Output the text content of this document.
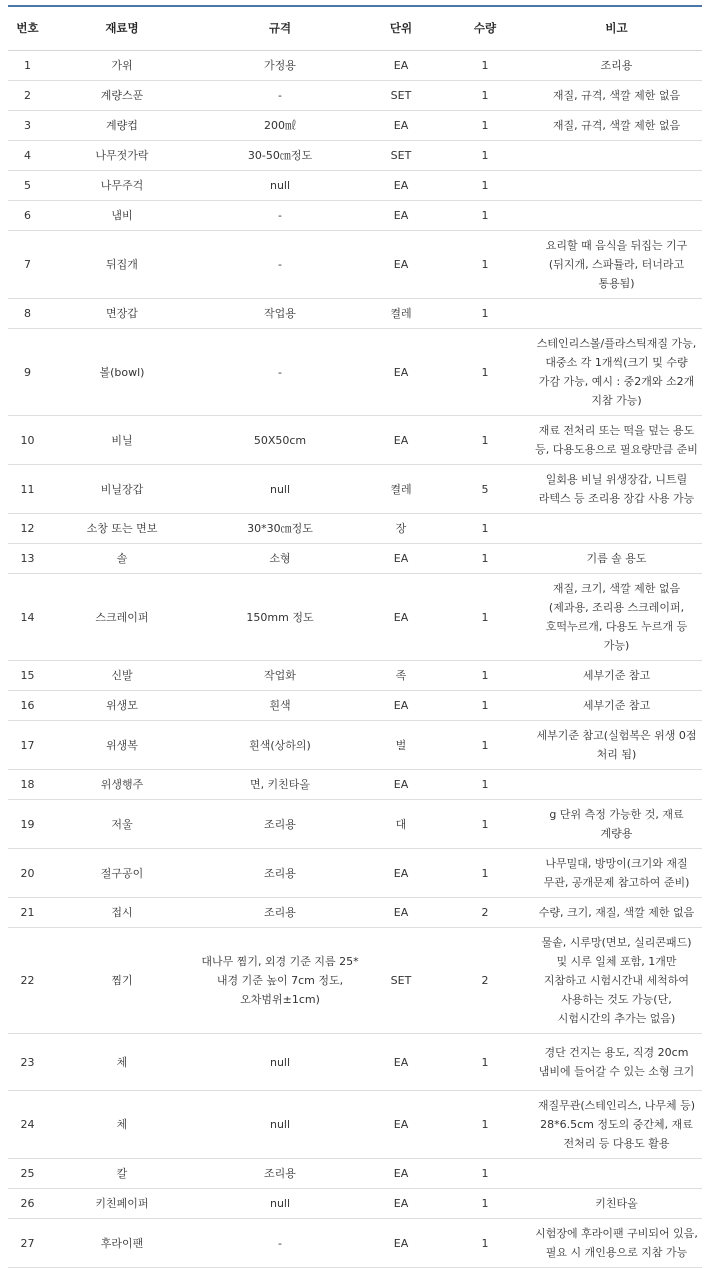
번호	재료명	규격	단위	수량	비고
1	가위	가정용	EA	1	조리용
2	계량스푼	-	SET	1	재질, 규격, 색깔 제한 없음
3	계량컵	200㎖	EA	1	재질, 규격, 색깔 제한 없음
4	나무젓가락	30-50㎝정도	SET	1	
5	나무주걱	null	EA	1	
6	냄비	-	EA	1	
7	뒤집개	-	EA	1	요리할 때 음식을 뒤집는 기구(뒤지개, 스파튤라, 터너라고 통용됨)
8	면장갑	작업용	켤레	1	
9	볼(bowl)	-	EA	1	스테인리스볼/플라스틱재질 가능, 대중소 각 1개씩(크기 및 수량 가감 가능, 예시 : 중2개와 소2개 지참 가능)
10	비닐	50X50cm	EA	1	재료 전처리 또는 떡을 덮는 용도 등, 다용도용으로 필요량만큼 준비
11	비닐장갑	null	켤레	5	일회용 비닐 위생장갑, 니트릴 라텍스 등 조리용 장갑 사용 가능
12	소창 또는 면보	30*30㎝정도	장	1	
13	솔	소형	EA	1	기름 솔 용도
14	스크레이퍼	150mm 정도	EA	1	재질, 크기, 색깔 제한 없음(제과용, 조리용 스크레이퍼, 호떡누르개, 다용도 누르개 등 가능)
15	신발	작업화	족	1	세부기준 참고
16	위생모	흰색	EA	1	세부기준 참고
17	위생복	흰색(상하의)	벌	1	세부기준 참고(실험복은 위생 0점 처리 됨)
18	위생행주	면, 키친타올	EA	1	
19	저울	조리용	대	1	g 단위 측정 가능한 것, 재료 계량용
20	절구공이	조리용	EA	1	나무밀대, 방망이(크기와 재질 무관, 공개문제 참고하여 준비)
21	접시	조리용	EA	2	수량, 크기, 재질, 색깔 제한 없음
22	찜기	대나무 찜기, 외경 기준 지름 25*내경 기준 높이 7cm 정도, 오차범위±1cm)	SET	2	물솥, 시루망(면보, 실리콘패드) 및 시루 일체 포함, 1개만 지참하고 시험시간내 세척하여 사용하는 것도 가능(단, 시험시간의 추가는 없음)
23	체	null	EA	1	경단 건지는 용도, 직경 20cm 냄비에 들어갈 수 있는 소형 크기
24	체	null	EA	1	재질무관(스테인리스, 나무체 등) 28*6.5cm 정도의 중간체, 재료 전처리 등 다용도 활용
25	칼	조리용	EA	1	
26	키친페이퍼	null	EA	1	키친타올
27	후라이팬	-	EA	1	시험장에 후라이팬 구비되어 있음, 필요 시 개인용으로 지참 가능
